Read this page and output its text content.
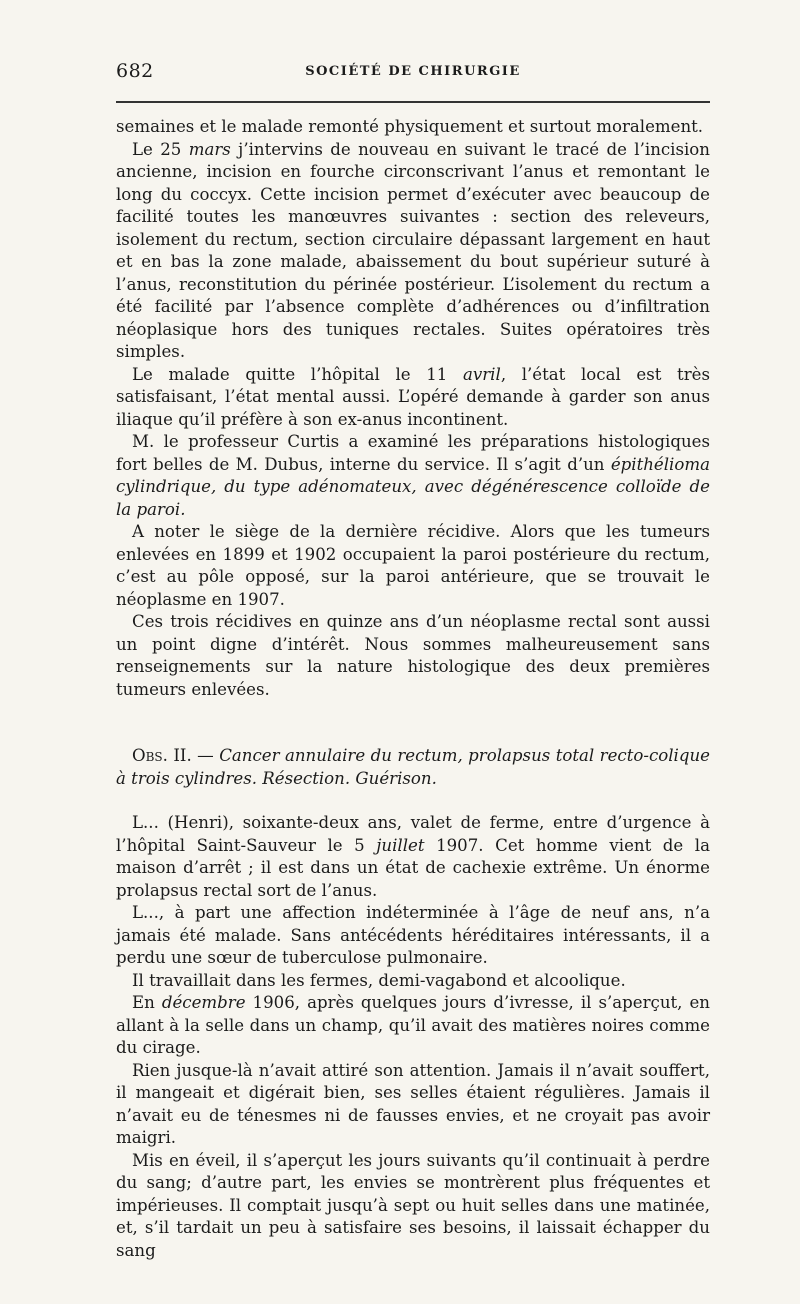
682	SOCIÉTÉ DE CHIRURGIE

semaines et le malade remonté physiquement et surtout moralement.

Le 25 mars j’intervins de nouveau en suivant le tracé de l’incision ancienne, incision en fourche circonscrivant l’anus et remontant le long du coccyx. Cette incision permet d’exécuter avec beaucoup de facilité toutes les manœuvres suivantes : section des releveurs, isolement du rectum, section circulaire dépassant largement en haut et en bas la zone malade, abaissement du bout supérieur suturé à l’anus, reconstitution du périnée postérieur. L’isolement du rectum a été facilité par l’absence complète d’adhérences ou d’infiltration néoplasique hors des tuniques rectales. Suites opératoires très simples.

Le malade quitte l’hôpital le 11 avril, l’état local est très satisfaisant, l’état mental aussi. L’opéré demande à garder son anus iliaque qu’il préfère à son ex-anus incontinent.

M. le professeur Curtis a examiné les préparations histologiques fort belles de M. Dubus, interne du service. Il s’agit d’un épithélioma cylindrique, du type adénomateux, avec dégénérescence colloïde de la paroi.

A noter le siège de la dernière récidive. Alors que les tumeurs enlevées en 1899 et 1902 occupaient la paroi postérieure du rectum, c’est au pôle opposé, sur la paroi antérieure, que se trouvait le néoplasme en 1907.

Ces trois récidives en quinze ans d’un néoplasme rectal sont aussi un point digne d’intérêt. Nous sommes malheureusement sans renseignements sur la nature histologique des deux premières tumeurs enlevées.

Obs. II. — Cancer annulaire du rectum, prolapsus total recto-colique à trois cylindres. Résection. Guérison.

L... (Henri), soixante-deux ans, valet de ferme, entre d’urgence à l’hôpital Saint-Sauveur le 5 juillet 1907. Cet homme vient de la maison d’arrêt ; il est dans un état de cachexie extrême. Un énorme prolapsus rectal sort de l’anus.

L..., à part une affection indéterminée à l’âge de neuf ans, n’a jamais été malade. Sans antécédents héréditaires intéressants, il a perdu une sœur de tuberculose pulmonaire.

Il travaillait dans les fermes, demi-vagabond et alcoolique.

En décembre 1906, après quelques jours d’ivresse, il s’aperçut, en allant à la selle dans un champ, qu’il avait des matières noires comme du cirage.

Rien jusque-là n’avait attiré son attention. Jamais il n’avait souffert, il mangeait et digérait bien, ses selles étaient régulières. Jamais il n’avait eu de ténesmes ni de fausses envies, et ne croyait pas avoir maigri.

Mis en éveil, il s’aperçut les jours suivants qu’il continuait à perdre du sang; d’autre part, les envies se montrèrent plus fréquentes et impérieuses. Il comptait jusqu’à sept ou huit selles dans une matinée, et, s’il tardait un peu à satisfaire ses besoins, il laissait échapper du sang
